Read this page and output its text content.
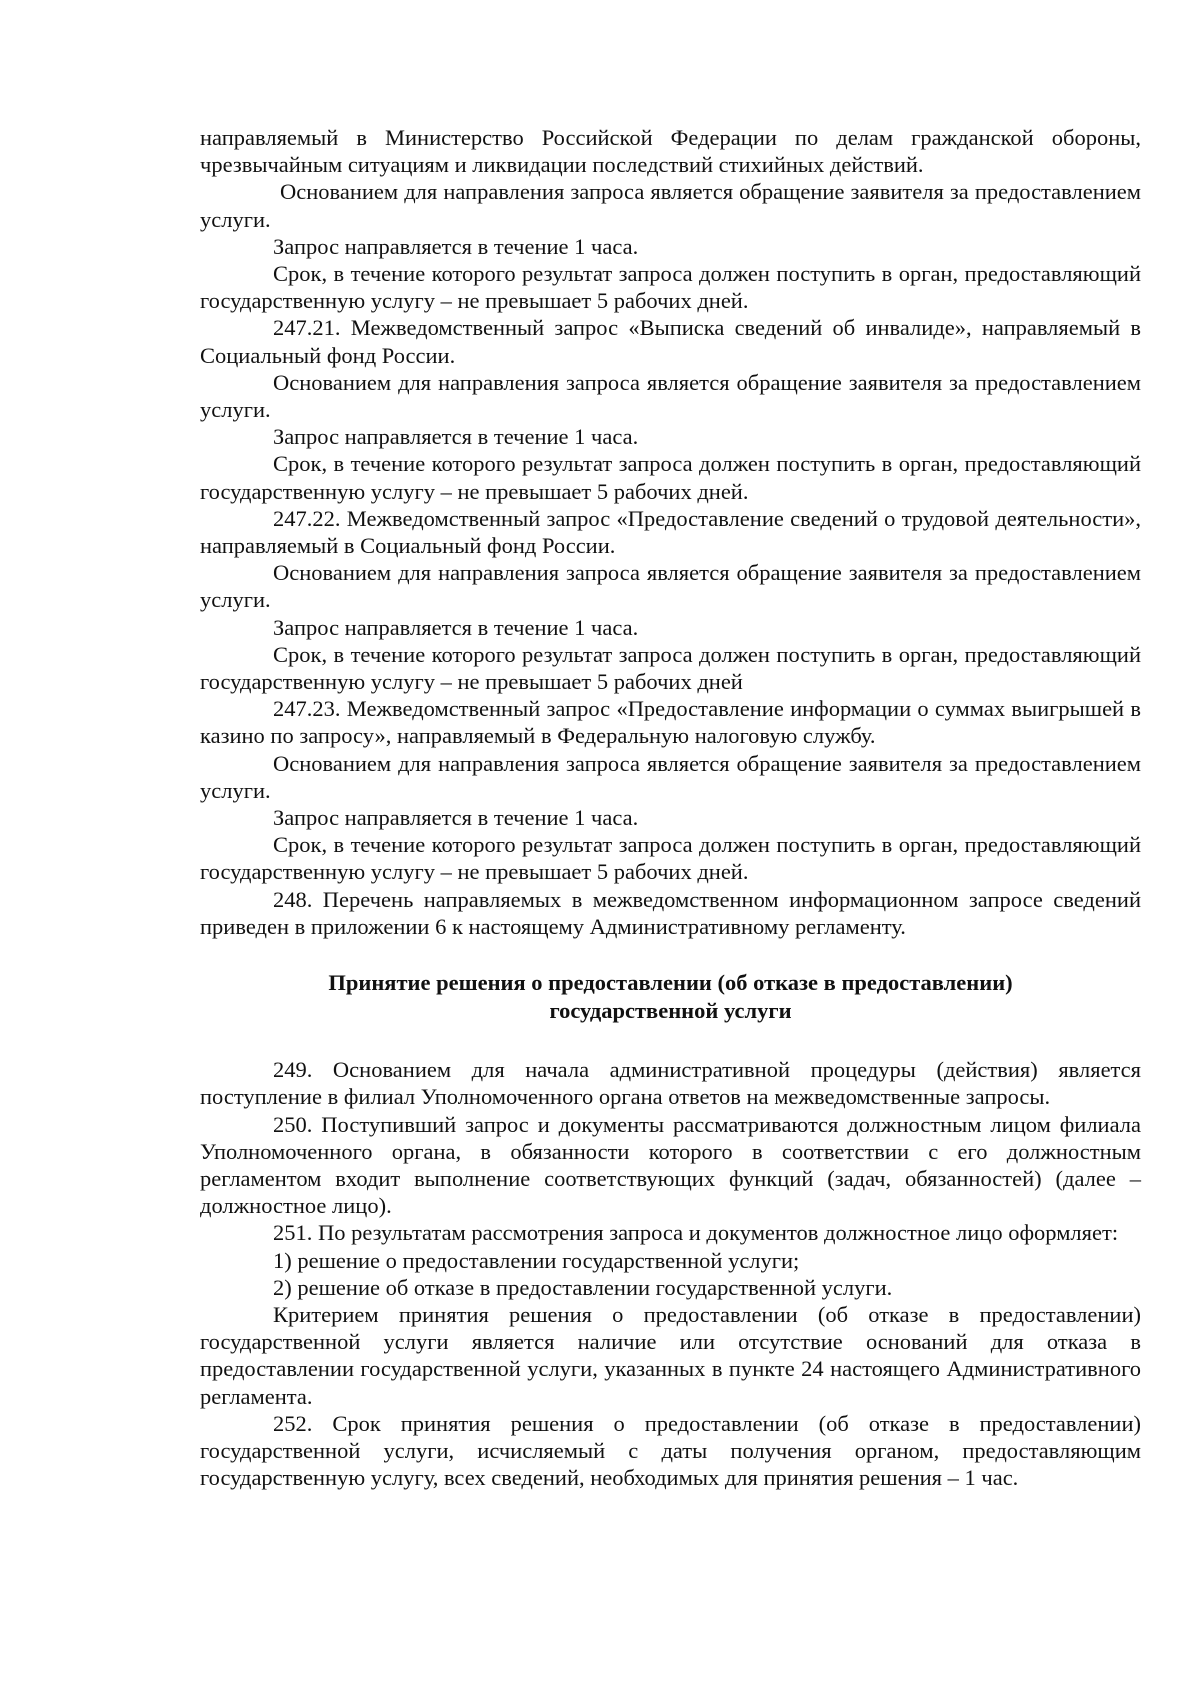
направляемый в Министерство Российской Федерации по делам гражданской обороны, чрезвычайным ситуациям и ликвидации последствий стихийных действий.

Основанием для направления запроса является обращение заявителя за предоставлением услуги.

Запрос направляется в течение 1 часа.

Срок, в течение которого результат запроса должен поступить в орган, предоставляющий государственную услугу – не превышает 5 рабочих дней.

247.21. Межведомственный запрос «Выписка сведений об инвалиде», направляемый в Социальный фонд России.

Основанием для направления запроса является обращение заявителя за предоставлением услуги.

Запрос направляется в течение 1 часа.

Срок, в течение которого результат запроса должен поступить в орган, предоставляющий государственную услугу – не превышает 5 рабочих дней.

247.22. Межведомственный запрос «Предоставление сведений о трудовой деятельности», направляемый в Социальный фонд России.

Основанием для направления запроса является обращение заявителя за предоставлением услуги.

Запрос направляется в течение 1 часа.

Срок, в течение которого результат запроса должен поступить в орган, предоставляющий государственную услугу – не превышает 5 рабочих дней

247.23. Межведомственный запрос «Предоставление информации о суммах выигрышей в казино по запросу», направляемый в Федеральную налоговую службу.

Основанием для направления запроса является обращение заявителя за предоставлением услуги.

Запрос направляется в течение 1 часа.

Срок, в течение которого результат запроса должен поступить в орган, предоставляющий государственную услугу – не превышает 5 рабочих дней.

248. Перечень направляемых в межведомственном информационном запросе сведений приведен в приложении 6 к настоящему Административному регламенту.

Принятие решения о предоставлении (об отказе в предоставлении)
государственной услуги

249. Основанием для начала административной процедуры (действия) является поступление в филиал Уполномоченного органа ответов на межведомственные запросы.

250. Поступивший запрос и документы рассматриваются должностным лицом филиала Уполномоченного органа, в обязанности которого в соответствии с его должностным регламентом входит выполнение соответствующих функций (задач, обязанностей) (далее – должностное лицо).

251. По результатам рассмотрения запроса и документов должностное лицо оформляет:

1) решение о предоставлении государственной услуги;

2) решение об отказе в предоставлении государственной услуги.

Критерием принятия решения о предоставлении (об отказе в предоставлении) государственной услуги является наличие или отсутствие оснований для отказа в предоставлении государственной услуги, указанных в пункте 24 настоящего Административного регламента.

252. Срок принятия решения о предоставлении (об отказе в предоставлении) государственной услуги, исчисляемый с даты получения органом, предоставляющим государственную услугу, всех сведений, необходимых для принятия решения – 1 час.
